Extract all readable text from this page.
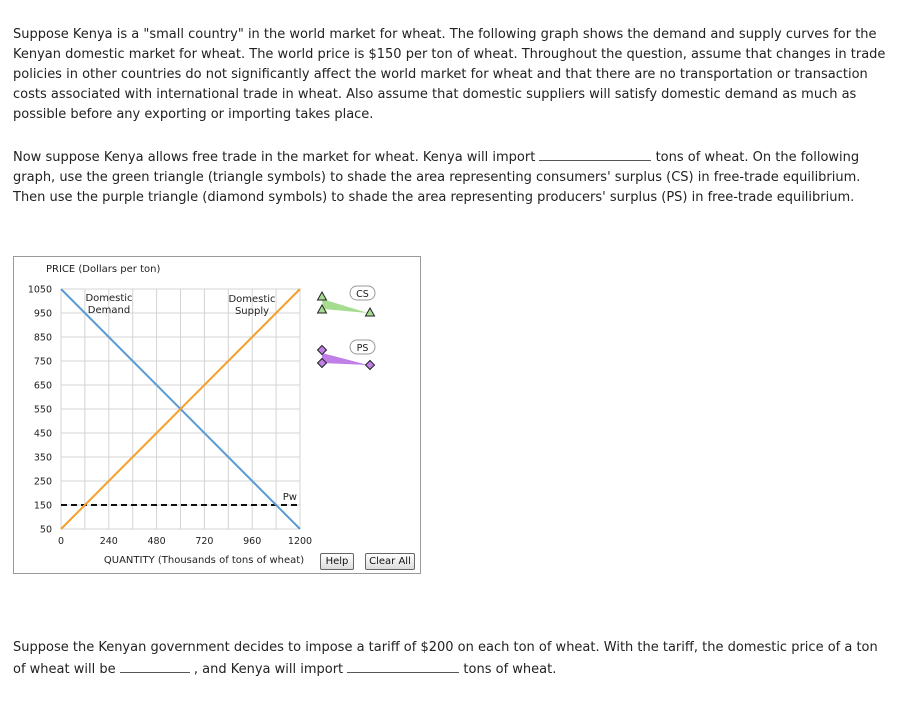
Suppose Kenya is a "small country" in the world market for wheat. The following graph shows the demand and supply curves for the Kenyan domestic market for wheat. The world price is $150 per ton of wheat. Throughout the question, assume that changes in trade policies in other countries do not significantly affect the world market for wheat and that there are no transportation or transaction costs associated with international trade in wheat. Also assume that domestic suppliers will satisfy domestic demand as much as possible before any exporting or importing takes place.
Now suppose Kenya allows free trade in the market for wheat. Kenya will import	tons of wheat. On the following graph, use the green triangle (triangle symbols) to shade the area representing consumers' surplus (CS) in free-trade equilibrium. Then use the purple triangle (diamond symbols) to shade the area representing producers' surplus (PS) in free-trade equilibrium.
PRICE (Dollars per ton)
50
150
250
350
450
550
650
750
850
950
1050
0	240	480	720	960	1200
QUANTITY (Thousands of tons of wheat)
Pw
Domestic Demand
Domestic Supply
CS
PS
Help	Clear All
Suppose the Kenyan government decides to impose a tariff of $200 on each ton of wheat. With the tariff, the domestic price of a ton of wheat will be	, and Kenya will import	tons of wheat.
